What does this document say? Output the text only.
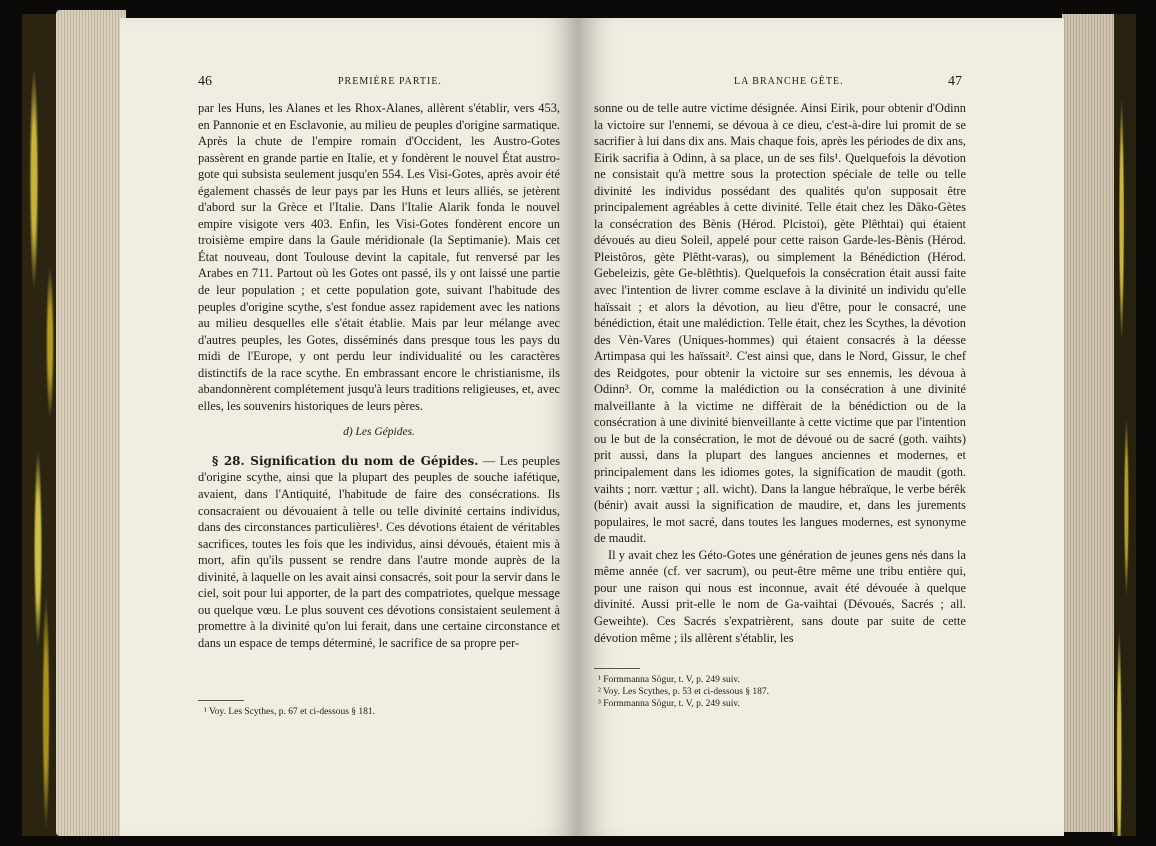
46	PREMIÈRE PARTIE.

par les Huns, les Alanes et les Rhox-Alanes, allèrent s'établir, vers 453, en Pannonie et en Esclavonie, au milieu de peuples d'origine sarmatique. Après la chute de l'empire romain d'Occident, les Austro-Gotes passèrent en grande partie en Italie, et y fondèrent le nouvel État austro-gote qui subsista seulement jusqu'en 554. Les Visi-Gotes, après avoir été également chassés de leur pays par les Huns et leurs alliés, se jetèrent d'abord sur la Grèce et l'Italie. Dans l'Italie Alarik fonda le nouvel empire visigote vers 403. Enfin, les Visi-Gotes fondèrent encore un troisième empire dans la Gaule méridionale (la Septimanie). Mais cet État nouveau, dont Toulouse devint la capitale, fut renversé par les Arabes en 711. Partout où les Gotes ont passé, ils y ont laissé une partie de leur population ; et cette population gote, suivant l'habitude des peuples d'origine scythe, s'est fondue assez rapidement avec les nations au milieu desquelles elle s'était établie. Mais par leur mélange avec d'autres peuples, les Gotes, disséminés dans presque tous les pays du midi de l'Europe, y ont perdu leur individualité ou les caractères distinctifs de la race scythe. En embrassant encore le christianisme, ils abandonnèrent complétement jusqu'à leurs traditions religieuses, et, avec elles, les souvenirs historiques de leurs pères.

d) Les Gépides.

§ 28. Signification du nom de Gépides. — Les peuples d'origine scythe, ainsi que la plupart des peuples de souche iafétique, avaient, dans l'Antiquité, l'habitude de faire des consécrations. Ils consacraient ou dévouaient à telle ou telle divinité certains individus, dans des circonstances particulières¹. Ces dévotions étaient de véritables sacrifices, toutes les fois que les individus, ainsi dévoués, étaient mis à mort, afin qu'ils pussent se rendre dans l'autre monde auprès de la divinité, à laquelle on les avait ainsi consacrés, soit pour la servir dans le ciel, soit pour lui apporter, de la part des compatriotes, quelque message ou quelque vœu. Le plus souvent ces dévotions consistaient seulement à promettre à la divinité qu'on lui ferait, dans une certaine circonstance et dans un espace de temps déterminé, le sacrifice de sa propre per-

¹ Voy. Les Scythes, p. 67 et ci-dessous § 181.
LA BRANCHE GÈTE.	47

sonne ou de telle autre victime désignée. Ainsi Eirik, pour obtenir d'Odinn la victoire sur l'ennemi, se dévoua à ce dieu, c'est-à-dire lui promit de se sacrifier à lui dans dix ans. Mais chaque fois, après les périodes de dix ans, Eirik sacrifia à Odinn, à sa place, un de ses fils¹. Quelquefois la dévotion ne consistait qu'à mettre sous la protection spéciale de telle ou telle divinité les individus possédant des qualités qu'on supposait être principalement agréables à cette divinité. Telle était chez les Dâko-Gètes la consécration des Bènis (Hérod. Plcistoi), gète Plêthtai) qui étaient dévoués au dieu Soleil, appelé pour cette raison Garde-les-Bènis (Hérod. Pleistôros, gète Plêtht-varas), ou simplement la Bénédiction (Hérod. Gebeleizis, gète Ge-blêthtis). Quelquefois la consécration était aussi faite avec l'intention de livrer comme esclave à la divinité un individu qu'elle haïssait ; et alors la dévotion, au lieu d'être, pour le consacré, une bénédiction, était une malédiction. Telle était, chez les Scythes, la dévotion des Vèn-Vares (Uniques-hommes) qui étaient consacrés à la déesse Artimpasa qui les haïssait². C'est ainsi que, dans le Nord, Gissur, le chef des Reidgotes, pour obtenir la victoire sur ses ennemis, les dévoua à Odinn³. Or, comme la malédiction ou la consécration à une divinité malveillante à la victime ne diffèrait de la bénédiction ou de la consécration à une divinité bienveillante à cette victime que par l'intention ou le but de la consécration, le mot de dévoué ou de sacré (goth. vaihts) prit aussi, dans la plupart des langues anciennes et modernes, et principalement dans les idiomes gotes, la signification de maudit (goth. vaihts ; norr. vættur ; all. wicht). Dans la langue hébraïque, le verbe bérêk (bénir) avait aussi la signification de maudire, et, dans les jurements populaires, le mot sacré, dans toutes les langues modernes, est synonyme de maudit.

Il y avait chez les Géto-Gotes une génération de jeunes gens nés dans la même année (cf. ver sacrum), ou peut-être même une tribu entière qui, pour une raison qui nous est inconnue, avait été dévouée à quelque divinité. Aussi prit-elle le nom de Ga-vaihtai (Dévoués, Sacrés ; all. Geweihte). Ces Sacrés s'expatrièrent, sans doute par suite de cette dévotion même ; ils allèrent s'établir, les

¹ Formmanna Sögur, t. V, p. 249 suiv.
² Voy. Les Scythes, p. 53 et ci-dessous § 187.
³ Formmanna Sögur, t. V, p. 249 suiv.
